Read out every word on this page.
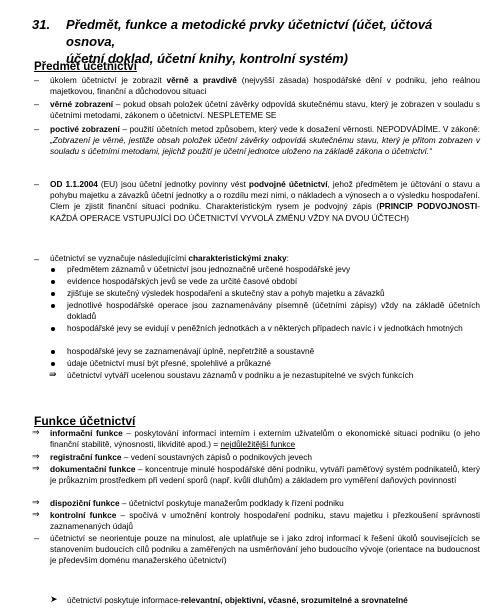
31.	Předmět, funkce a metodické prvky účetnictví (účet, účtová osnova,
účetní doklad, účetní knihy, kontrolní systém)
Předmět účetnictví
– úkolem účetnictví je zobrazit věrně a pravdivě (nejvyšší zásada) hospodářské dění v podniku, jeho reálnou majetkovou, finanční a důchodovou situaci
– věrné zobrazení – pokud obsah položek účetní závěrky odpovídá skutečnému stavu, který je zobrazen v souladu s účetními metodami, zákonem o účetnictví. NESPLETEME SE
– poctivé zobrazení – použití účetních metod způsobem, který vede k dosažení věrnosti. NEPODVÁDÍME. V zákoně: „Zobrazení je věrné, jestliže obsah položek účetní závěrky odpovídá skutečnému stavu, který je přitom zobrazen v souladu s účetními metodami, jejichž použití je účetní jednotce uloženo na základě zákona o účetnictví.“
– OD 1.1.2004 (EU) jsou účetní jednotky povinny vést podvojné účetnictví, jehož předmětem je účtování o stavu a pohybu majetku a závazků účetní jednotky a o rozdílu mezi nimi, o nákladech a výnosech a o výsledku hospodaření. Clem je zjistit finanční situaci podniku. Charakteristickým rysem je podvojný zápis (PRINCIP PODVOJNOSTI-KAŽDÁ OPERACE VSTUPUJÍCÍ DO ÚČETNICTVÍ VYVOLÁ ZMĚNU VŽDY NA DVOU ÚČTECH)
– účetnictví se vyznačuje následujícími charakteristickými znaky:
předmětem záznamů v účetnictví jsou jednoznačně určené hospodářské jevy
evidence hospodářských jevů se vede za určité časové období
zjišťuje se skutečný výsledek hospodaření a skutečný stav a pohyb majetku a závazků
jednotlivé hospodářské operace jsou zaznamenávány písemně (účetními zápisy) vždy na základě účetních dokladů
hospodářské jevy se evidují v peněžních jednotkách a v některých případech navíc i v jednotkách hmotných
hospodářské jevy se zaznamenávají úplně, nepřetržitě a soustavně
údaje účetnictví musí být přesné, spolehlivé a průkazné
⇛ účetnictví vytváří ucelenou soustavu záznamů v podniku a je nezastupitelné ve svých funkcích
Funkce účetnictví
⇒ informační funkce – poskytování informací interním i externím uživatelům o ekonomické situaci podniku (o jeho finanční stabilitě, výnosnosti, likvidité apod.) = nejdůležitější funkce
⇒ registrační funkce – vedení soustavných zápisů o podnikových jevech
⇒ dokumentační funkce – koncentruje minulé hospodářské dění podniku, vytváří paměťový systém podnikatelů, který je průkazním prostředkem při vedení sporů (např. kvůli dluhům) a základem pro vyměření daňových povinností
⇒ dispoziční funkce – účetnictví poskytuje manažerům podklady k řízení podniku
⇒ kontrolní funkce – spočívá v umožnění kontroly hospodaření podniku, stavu majetku i přezkoušení správnosti zaznamenaných údajů
– účetnictví se neorientuje pouze na minulost, ale uplatňuje se i jako zdroj informací k řešení úkolů souvisejících se stanovením budoucích cílů podniku a zaměřených na usměrňování jeho budoucího vývoje (orientace na budoucnost je především doménu manažerského účetnictví)
➤ účetnictví poskytuje informace-relevantní, objektivní, včasné, srozumitelné a srovnatelné
